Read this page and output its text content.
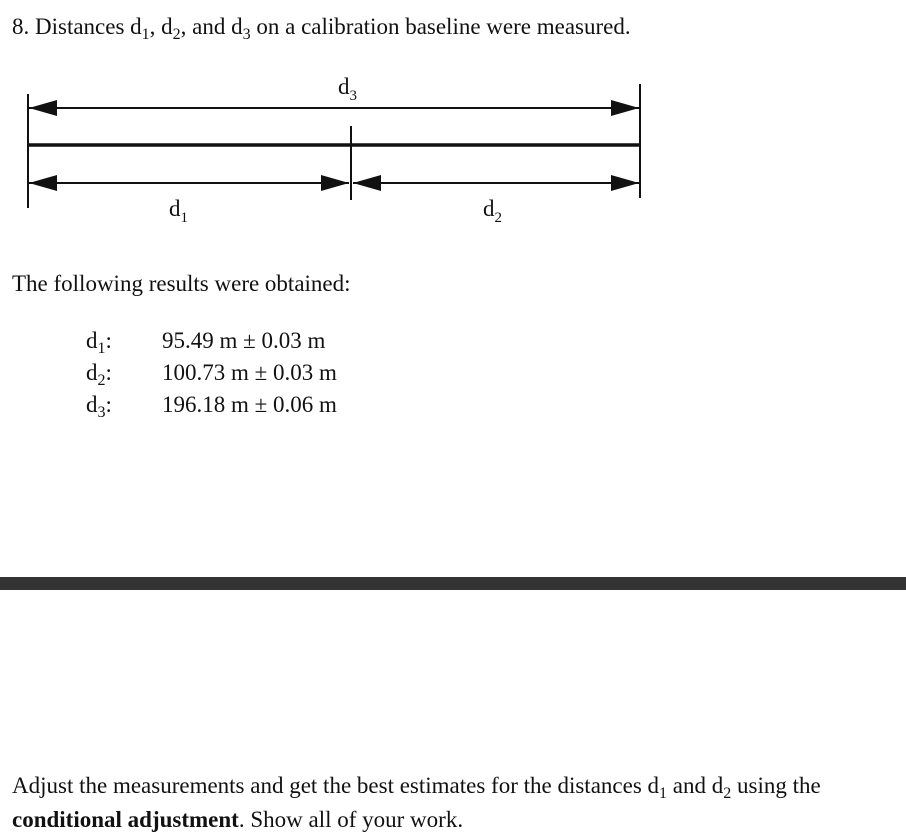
8. Distances $d_1$, $d_2$, and $d_3$ on a calibration baseline were measured.
$d_3$
$d_1$	$d_2$
The following results were obtained:
$d_1$:	95.49 m ± 0.03 m
$d_2$:	100.73 m ± 0.03 m
$d_3$:	196.18 m ± 0.06 m
Adjust the measurements and get the best estimates for the distances $d_1$ and $d_2$ using the conditional adjustment. Show all of your work.
